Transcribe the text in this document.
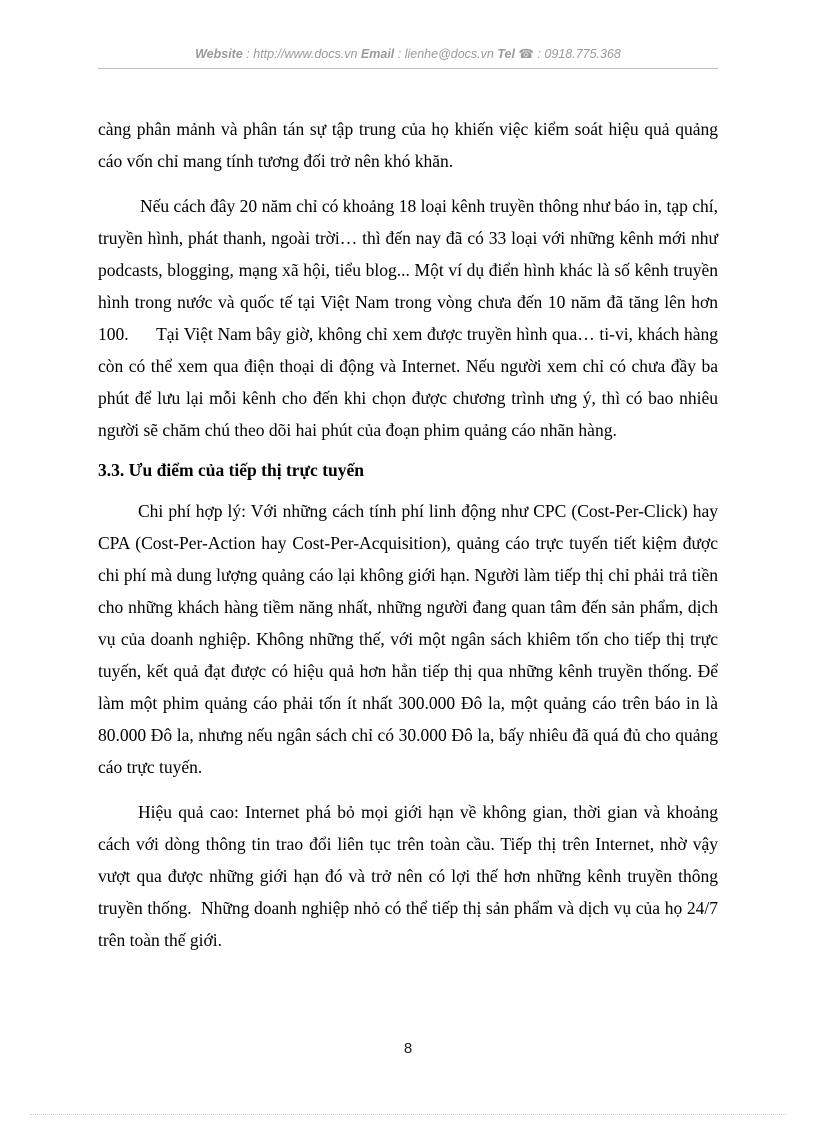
Website : http://www.docs.vn Email : lienhe@docs.vn Tel ☎ : 0918.775.368

càng phân mảnh và phân tán sự tập trung của họ khiến việc kiểm soát hiệu quả quảng cáo vốn chỉ mang tính tương đối trở nên khó khăn.

Nếu cách đây 20 năm chỉ có khoảng 18 loại kênh truyền thông như báo in, tạp chí, truyền hình, phát thanh, ngoài trời… thì đến nay đã có 33 loại với những kênh mới như podcasts, blogging, mạng xã hội, tiểu blog... Một ví dụ điển hình khác là số kênh truyền hình trong nước và quốc tế tại Việt Nam trong vòng chưa đến 10 năm đã tăng lên hơn 100.      Tại Việt Nam bây giờ, không chỉ xem được truyền hình qua… ti-vi, khách hàng còn có thể xem qua điện thoại di động và Internet. Nếu người xem chỉ có chưa đầy ba phút để lưu lại mỗi kênh cho đến khi chọn được chương trình ưng ý, thì có bao nhiêu người sẽ chăm chú theo dõi hai phút của đoạn phim quảng cáo nhãn hàng.

3.3. Ưu điểm của tiếp thị trực tuyến

Chi phí hợp lý: Với những cách tính phí linh động như CPC (Cost-Per-Click) hay CPA (Cost-Per-Action hay Cost-Per-Acquisition), quảng cáo trực tuyến tiết kiệm được chi phí mà dung lượng quảng cáo lại không giới hạn. Người làm tiếp thị chỉ phải trả tiền cho những khách hàng tiềm năng nhất, những người đang quan tâm đến sản phẩm, dịch vụ của doanh nghiệp. Không những thế, với một ngân sách khiêm tốn cho tiếp thị trực tuyến, kết quả đạt được có hiệu quả hơn hẳn tiếp thị qua những kênh truyền thống. Để làm một phim quảng cáo phải tốn ít nhất 300.000 Đô la, một quảng cáo trên báo in là 80.000 Đô la, nhưng nếu ngân sách chỉ có 30.000 Đô la, bấy nhiêu đã quá đủ cho quảng cáo trực tuyến.

Hiệu quả cao: Internet phá bỏ mọi giới hạn về không gian, thời gian và khoảng cách với dòng thông tin trao đổi liên tục trên toàn cầu. Tiếp thị trên Internet, nhờ vậy vượt qua được những giới hạn đó và trở nên có lợi thế hơn những kênh truyền thông truyền thống.  Những doanh nghiệp nhỏ có thể tiếp thị sản phẩm và dịch vụ của họ 24/7 trên toàn thế giới.

8
